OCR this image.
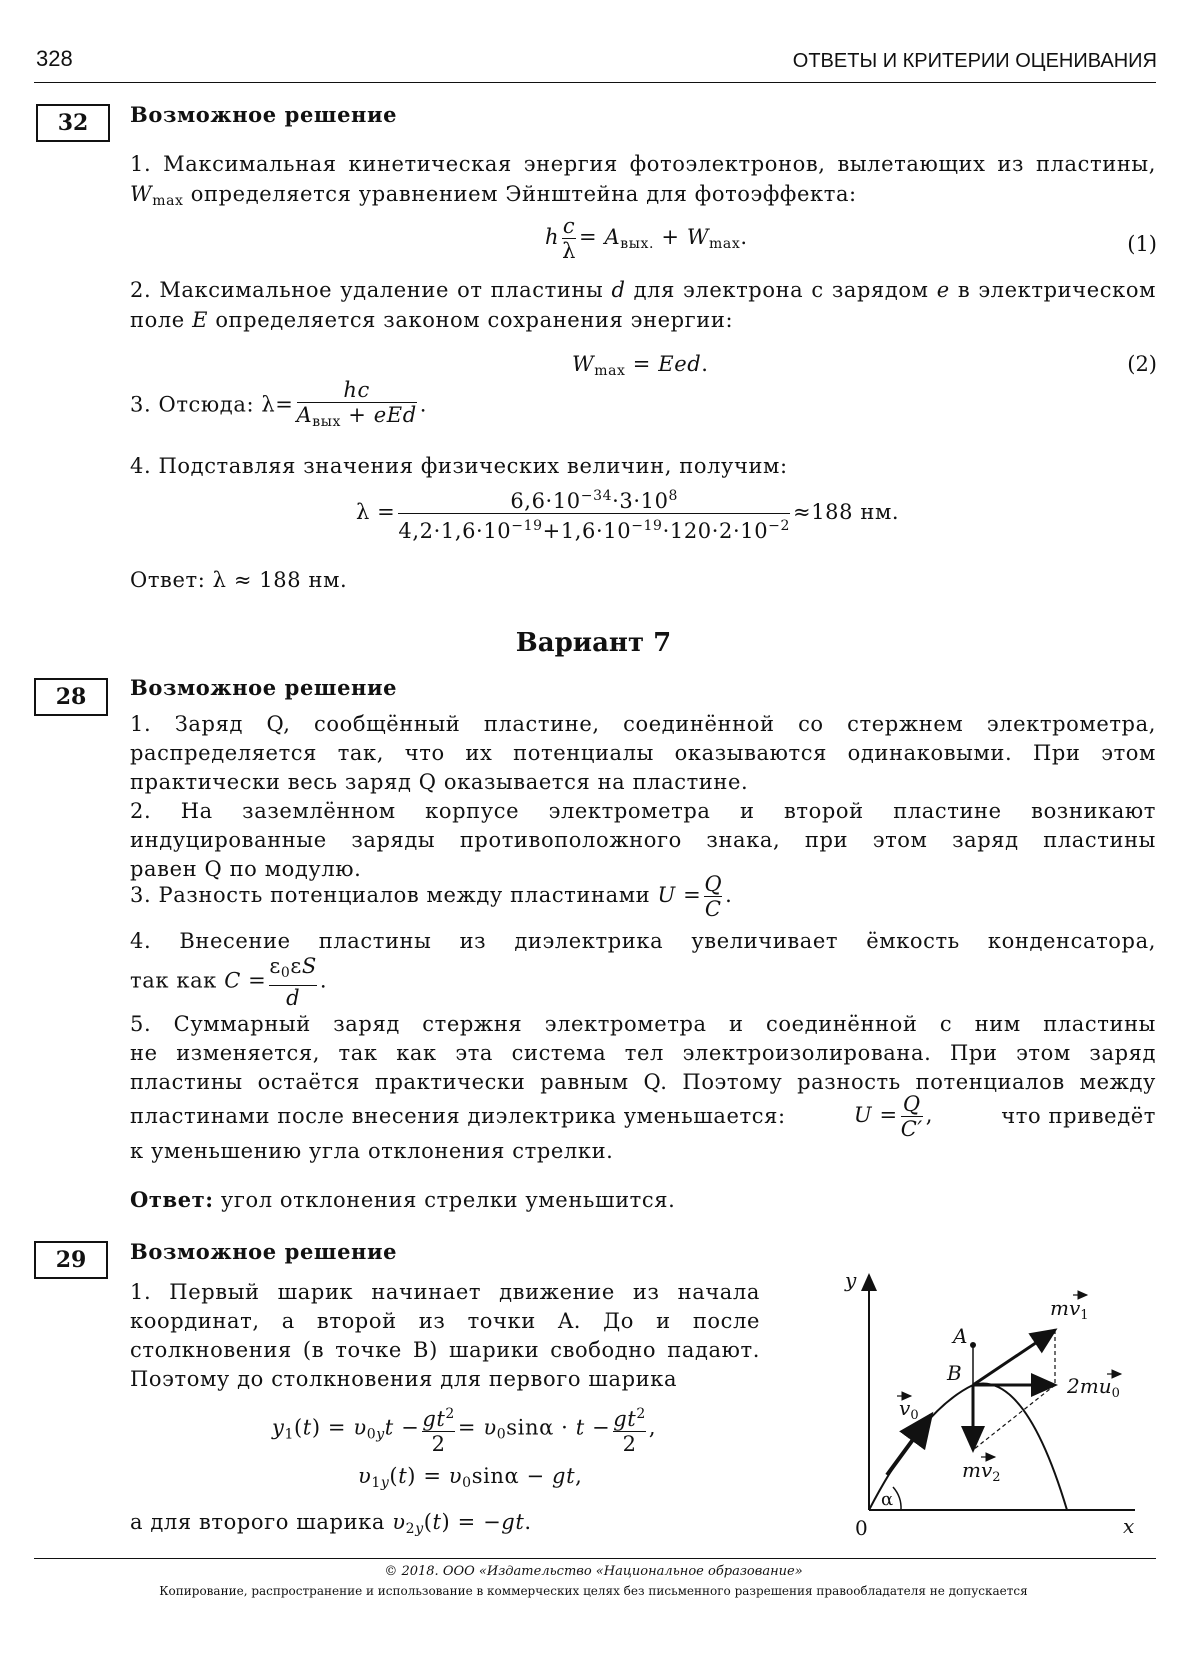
328	ОТВЕТЫ И КРИТЕРИИ ОЦЕНИВАНИЯ
32	Возможное решение
1. Максимальная кинетическая энергия фотоэлектронов, вылетающих из пластины,
$W_{max}$ определяется уравнением Эйнштейна для фотоэффекта:
h $\frac{c}{\lambda} = A_{вых.} + W_{max}$.	(1)
2. Максимальное удаление от пластины d для электрона с зарядом e в электрическом
поле E определяется законом сохранения энергии:
$W_{max}$ = Eed.	(2)
3. Отсюда: $\lambda= \frac{hc}{A_{вых} + eEd}$ .
4. Подставляя значения физических величин, получим:
$\lambda = \frac{6,6\cdot 10^{-34}\cdot 3\cdot 10^8}{4,2\cdot 1,6\cdot 10^{-19}+1,6\cdot 10^{-19}\cdot 120\cdot 2\cdot 10^{-2}} \approx 188$ нм.
Ответ: λ ≈ 188 нм.
Вариант 7
28	Возможное решение
1. Заряд Q, сообщённый пластине, соединённой со стержнем электрометра,
распределяется так, что их потенциалы оказываются одинаковыми. При этом
практически весь заряд Q оказывается на пластине.
2. На заземлённом корпусе электрометра и второй пластине возникают
индуцированные заряды противоположного знака, при этом заряд пластины
равен Q по модулю.
3. Разность потенциалов между пластинами $U = \frac{Q}{C}$ .
4. Внесение пластины из диэлектрика увеличивает ёмкость конденсатора,
так как $C = \frac{\varepsilon_0\varepsilon S}{d}$ .
5. Суммарный заряд стержня электрометра и соединённой с ним пластины
не изменяется, так как эта система тел электроизолирована. При этом заряд
пластины остаётся практически равным Q. Поэтому разность потенциалов между
пластинами после внесения диэлектрика уменьшается:	$U = \frac{Q}{C'}$ ,	что приведёт
к уменьшению угла отклонения стрелки.
Ответ: угол отклонения стрелки уменьшится.
29	Возможное решение
1. Первый шарик начинает движение из начала
координат, а второй из точки A. До и после
столкновения (в точке B) шарики свободно падают.
Поэтому до столкновения для первого шарика
$y_1(t) = \upsilon_{0y}t - \frac{gt^2}{2} = \upsilon_0\sin\alpha \cdot t - \frac{gt^2}{2}$ ,
$\upsilon_{1y}(t) = \upsilon_0\sin\alpha$ − gt,
а для второго шарика $\upsilon_{2y}(t) = -gt$.
y
x
0
A
B
α
$mv_1$
$2mu_0$
$mv_2$
$v_0$
© 2018. ООО «Издательство «Национальное образование»
Копирование, распространение и использование в коммерческих целях без письменного разрешения правообладателя не допускается
